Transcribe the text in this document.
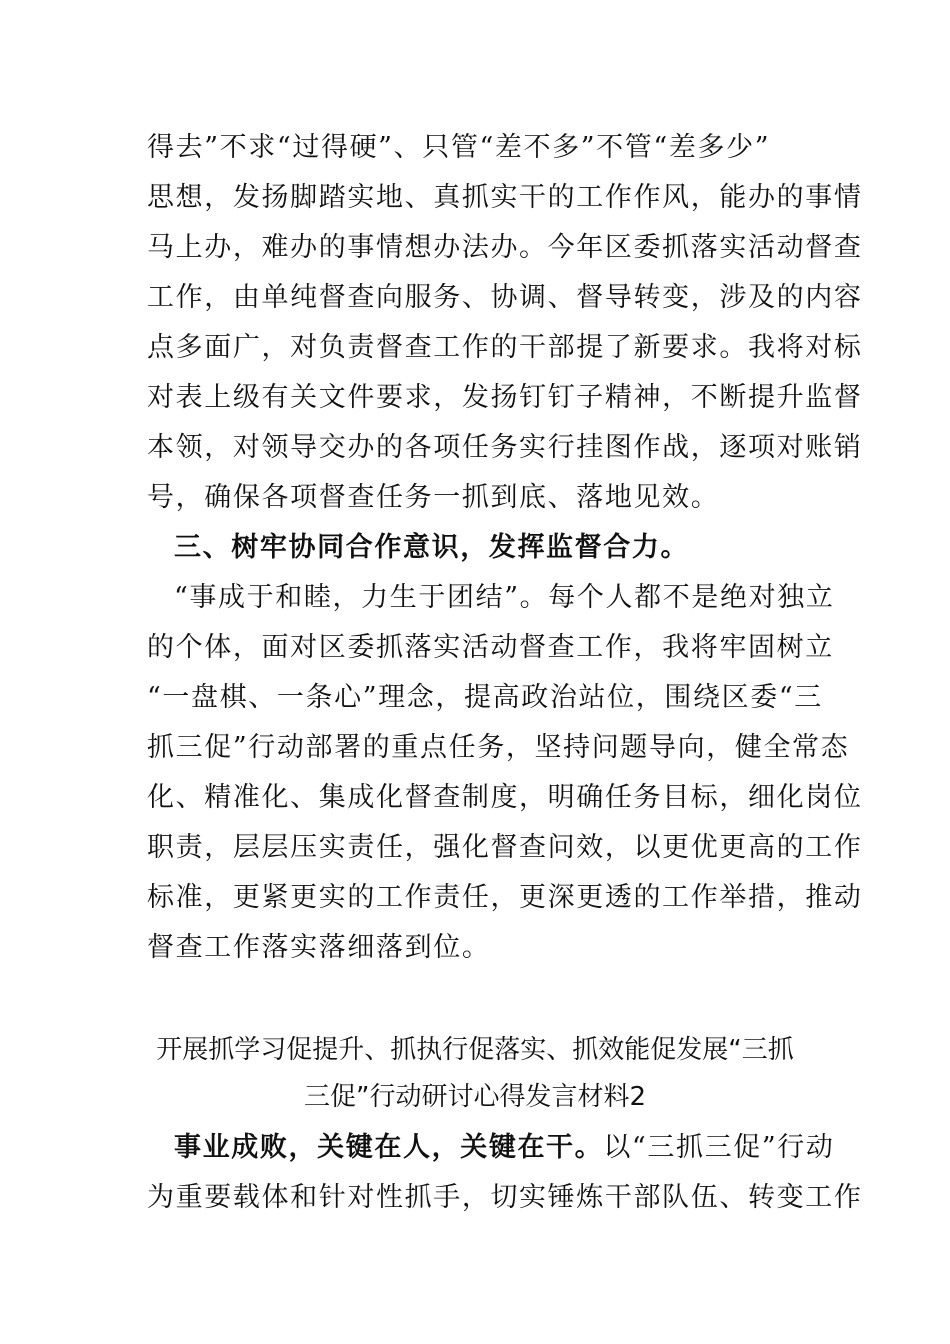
得去”不求“过得硬”、只管“差不多”不管“差多少”
思想，发扬脚踏实地、真抓实干的工作作风，能办的事情
马上办，难办的事情想办法办。今年区委抓落实活动督查
工作，由单纯督查向服务、协调、督导转变，涉及的内容
点多面广，对负责督查工作的干部提了新要求。我将对标
对表上级有关文件要求，发扬钉钉子精神，不断提升监督
本领，对领导交办的各项任务实行挂图作战，逐项对账销
号，确保各项督查任务一抓到底、落地见效。
三、树牢协同合作意识，发挥监督合力。
“事成于和睦，力生于团结”。每个人都不是绝对独立
的个体，面对区委抓落实活动督查工作，我将牢固树立
“一盘棋、一条心”理念，提高政治站位，围绕区委“三
抓三促”行动部署的重点任务，坚持问题导向，健全常态
化、精准化、集成化督查制度，明确任务目标，细化岗位
职责，层层压实责任，强化督查问效，以更优更高的工作
标准，更紧更实的工作责任，更深更透的工作举措，推动
督查工作落实落细落到位。
开展抓学习促提升、抓执行促落实、抓效能促发展“三抓
三促”行动研讨心得发言材料2
事业成败，关键在人，关键在干。以“三抓三促”行动
为重要载体和针对性抓手，切实锤炼干部队伍、转变工作
